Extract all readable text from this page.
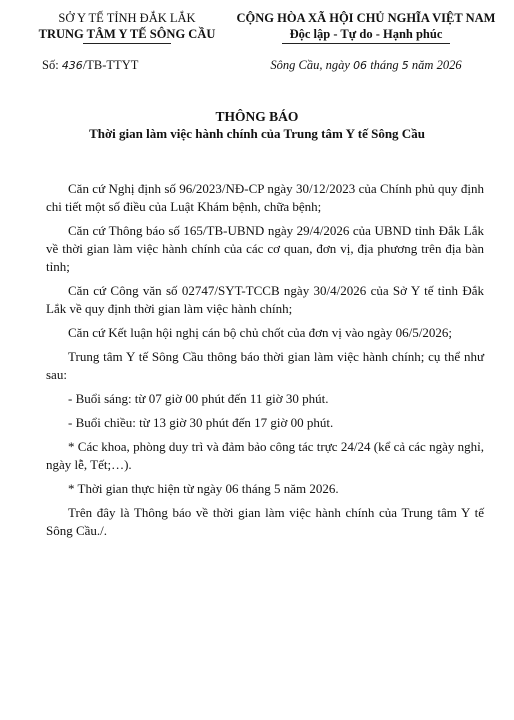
SỞ Y TẾ TỈNH ĐẮK LẮK
TRUNG TÂM Y TẾ SÔNG CẦU
Số: 436/TB-TTYT
CỘNG HÒA XÃ HỘI CHỦ NGHĨA VIỆT NAM
Độc lập - Tự do - Hạnh phúc
Sông Cầu, ngày 06 tháng 5 năm 2026
THÔNG BÁO
Thời gian làm việc hành chính của Trung tâm Y tế Sông Cầu

Căn cứ Nghị định số 96/2023/NĐ-CP ngày 30/12/2023 của Chính phủ quy định chi tiết một số điều của Luật Khám bệnh, chữa bệnh;

Căn cứ Thông báo số 165/TB-UBND ngày 29/4/2026 của UBND tỉnh Đắk Lắk về thời gian làm việc hành chính của các cơ quan, đơn vị, địa phương trên địa bàn tỉnh;

Căn cứ Công văn số 02747/SYT-TCCB ngày 30/4/2026 của Sở Y tế tỉnh Đắk Lắk về quy định thời gian làm việc hành chính;

Căn cứ Kết luận hội nghị cán bộ chủ chốt của đơn vị vào ngày 06/5/2026;

Trung tâm Y tế Sông Cầu thông báo thời gian làm việc hành chính; cụ thể như sau:

- Buổi sáng: từ 07 giờ 00 phút đến 11 giờ 30 phút.

- Buổi chiều: từ 13 giờ 30 phút đến 17 giờ 00 phút.

* Các khoa, phòng duy trì và đảm bảo công tác trực 24/24 (kể cả các ngày nghỉ, ngày lễ, Tết;…).

* Thời gian thực hiện từ ngày 06 tháng 5 năm 2026.

Trên đây là Thông báo về thời gian làm việc hành chính của Trung tâm Y tế Sông Cầu./.
